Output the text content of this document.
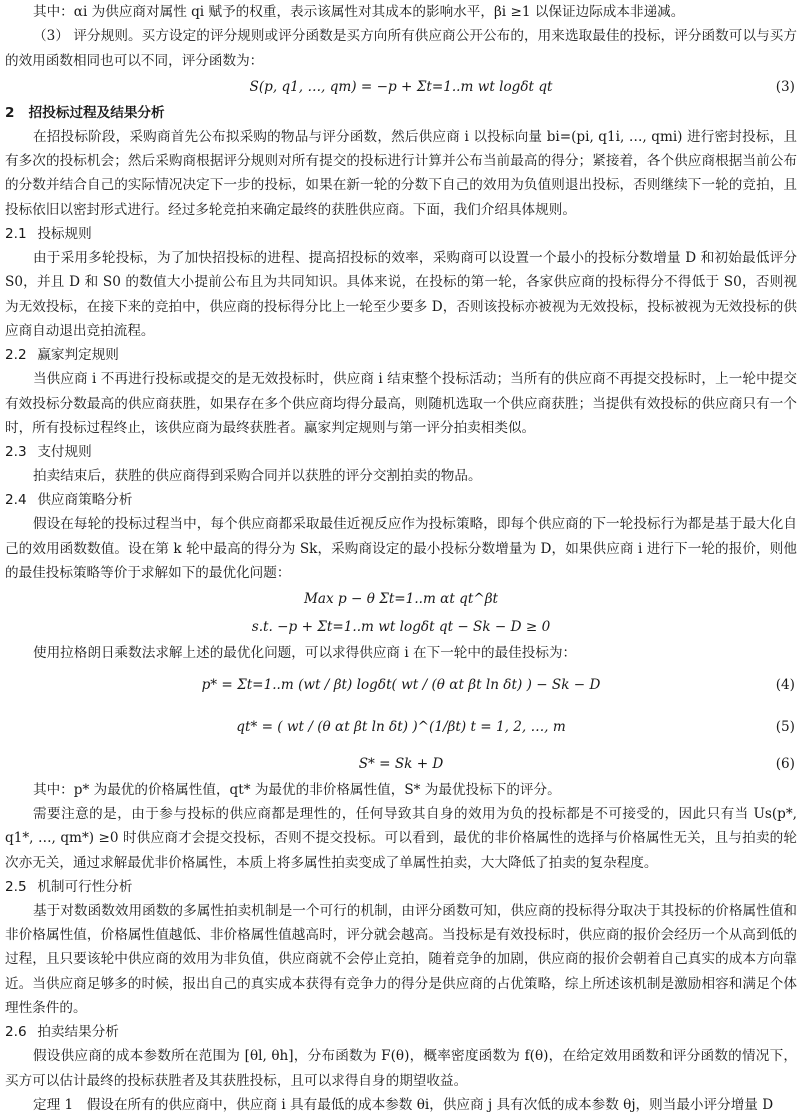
其中：αi 为供应商对属性 qi 赋予的权重，表示该属性对其成本的影响水平，βi ≥1 以保证边际成本非递减。

（3） 评分规则。买方设定的评分规则或评分函数是买方向所有供应商公开公布的，用来选取最佳的投标，评分函数可以与买方的效用函数相同也可以不同，评分函数为：

S(p, q1, …, qm) = −p + Σt=1..m wt logδt qt	(3)
2 招投标过程及结果分析

在招投标阶段，采购商首先公布拟采购的物品与评分函数，然后供应商 i 以投标向量 bi=(pi, q1i, …, qmi) 进行密封投标，且有多次的投标机会；然后采购商根据评分规则对所有提交的投标进行计算并公布当前最高的得分；紧接着，各个供应商根据当前公布的分数并结合自己的实际情况决定下一步的投标，如果在新一轮的分数下自己的效用为负值则退出投标，否则继续下一轮的竞拍，且投标依旧以密封形式进行。经过多轮竞拍来确定最终的获胜供应商。下面，我们介绍具体规则。

2.1 投标规则

由于采用多轮投标，为了加快招投标的进程、提高招投标的效率，采购商可以设置一个最小的投标分数增量 D 和初始最低评分 S0，并且 D 和 S0 的数值大小提前公布且为共同知识。具体来说，在投标的第一轮，各家供应商的投标得分不得低于 S0，否则视为无效投标，在接下来的竞拍中，供应商的投标得分比上一轮至少要多 D，否则该投标亦被视为无效投标，投标被视为无效投标的供应商自动退出竞拍流程。

2.2 赢家判定规则

当供应商 i 不再进行投标或提交的是无效投标时，供应商 i 结束整个投标活动；当所有的供应商不再提交投标时，上一轮中提交有效投标分数最高的供应商获胜，如果存在多个供应商均得分最高，则随机选取一个供应商获胜；当提供有效投标的供应商只有一个时，所有投标过程终止，该供应商为最终获胜者。赢家判定规则与第一评分拍卖相类似。

2.3 支付规则

拍卖结束后，获胜的供应商得到采购合同并以获胜的评分交割拍卖的物品。

2.4 供应商策略分析

假设在每轮的投标过程当中，每个供应商都采取最佳近视反应作为投标策略，即每个供应商的下一轮投标行为都是基于最大化自己的效用函数数值。设在第 k 轮中最高的得分为 Sk，采购商设定的最小投标分数增量为 D，如果供应商 i 进行下一轮的报价，则他的最佳投标策略等价于求解如下的最优化问题：

Max p − θ Σt=1..m αt qt^βt
s.t. −p + Σt=1..m wt logδt qt − Sk − D ≥ 0

使用拉格朗日乘数法求解上述的最优化问题，可以求得供应商 i 在下一轮中的最佳投标为：

p* = Σt=1..m (wt / βt) logδt( wt / (θ αt βt ln δt) ) − Sk − D	(4)
qt* = ( wt / (θ αt βt ln δt) )^(1/βt) t = 1, 2, …, m	(5)
S* = Sk + D	(6)

其中：p* 为最优的价格属性值，qt* 为最优的非价格属性值，S* 为最优投标下的评分。

需要注意的是，由于参与投标的供应商都是理性的，任何导致其自身的效用为负的投标都是不可接受的，因此只有当 Us(p*, q1*, …, qm*) ≥0 时供应商才会提交投标，否则不提交投标。可以看到，最优的非价格属性的选择与价格属性无关，且与拍卖的轮次亦无关，通过求解最优非价格属性，本质上将多属性拍卖变成了单属性拍卖，大大降低了拍卖的复杂程度。

2.5 机制可行性分析

基于对数函数效用函数的多属性拍卖机制是一个可行的机制，由评分函数可知，供应商的投标得分取决于其投标的价格属性值和非价格属性值，价格属性值越低、非价格属性值越高时，评分就会越高。当投标是有效投标时，供应商的报价会经历一个从高到低的过程，且只要该轮中供应商的效用为非负值，供应商就不会停止竞拍，随着竞争的加剧，供应商的报价会朝着自己真实的成本方向靠近。当供应商足够多的时候，报出自己的真实成本获得有竞争力的得分是供应商的占优策略，综上所述该机制是激励相容和满足个体理性条件的。

2.6 拍卖结果分析

假设供应商的成本参数所在范围为 [θl, θh]，分布函数为 F(θ)，概率密度函数为 f(θ)，在给定效用函数和评分函数的情况下，买方可以估计最终的投标获胜者及其获胜投标，且可以求得自身的期望收益。

定理 1　假设在所有的供应商中，供应商 i 具有最低的成本参数 θi，供应商 j 具有次低的成本参数 θj，则当最小评分增量 D
